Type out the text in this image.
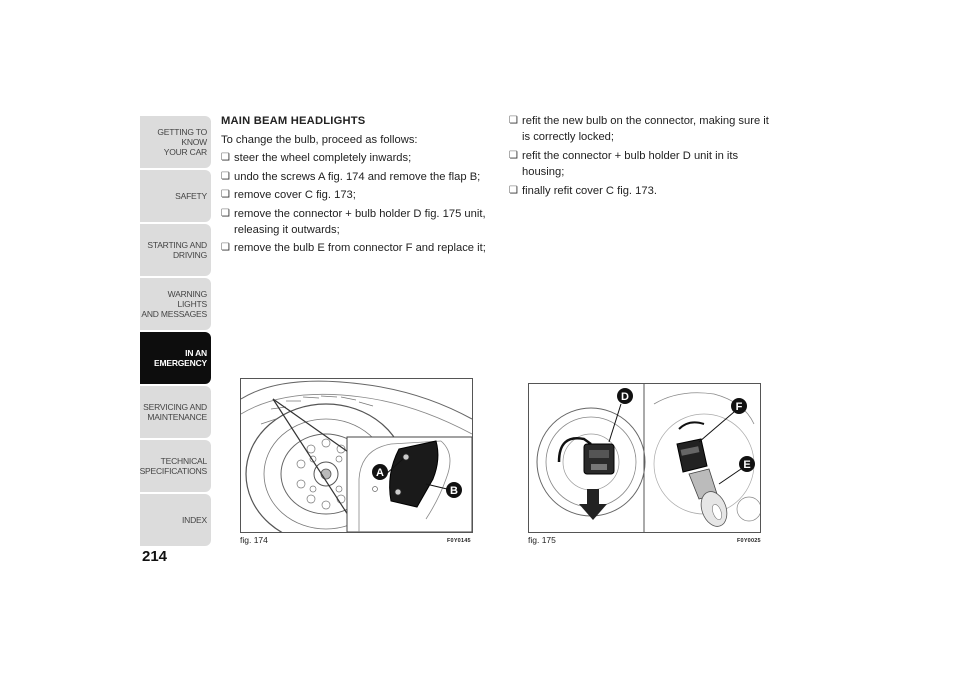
GETTING TO KNOW
YOUR CAR
SAFETY
STARTING AND
DRIVING
WARNING LIGHTS
AND MESSAGES
IN AN
EMERGENCY
SERVICING AND
MAINTENANCE
TECHNICAL
SPECIFICATIONS
INDEX
214
MAIN BEAM HEADLIGHTS
To change the bulb, proceed as follows:
❏ steer the wheel completely inwards;
❏ undo the screws A fig. 174 and remove the flap B;
❏ remove cover C fig. 173;
❏ remove the connector + bulb holder D fig. 175 unit, releasing it outwards;
❏ remove the bulb E from connector F and replace it;
❏ refit the new bulb on the connector, making sure it is correctly locked;
❏ refit the connector + bulb holder D unit in its housing;
❏ finally refit cover C fig. 173.
A
B
fig. 174	F0Y0145
D
F
E
fig. 175	F0Y0025
